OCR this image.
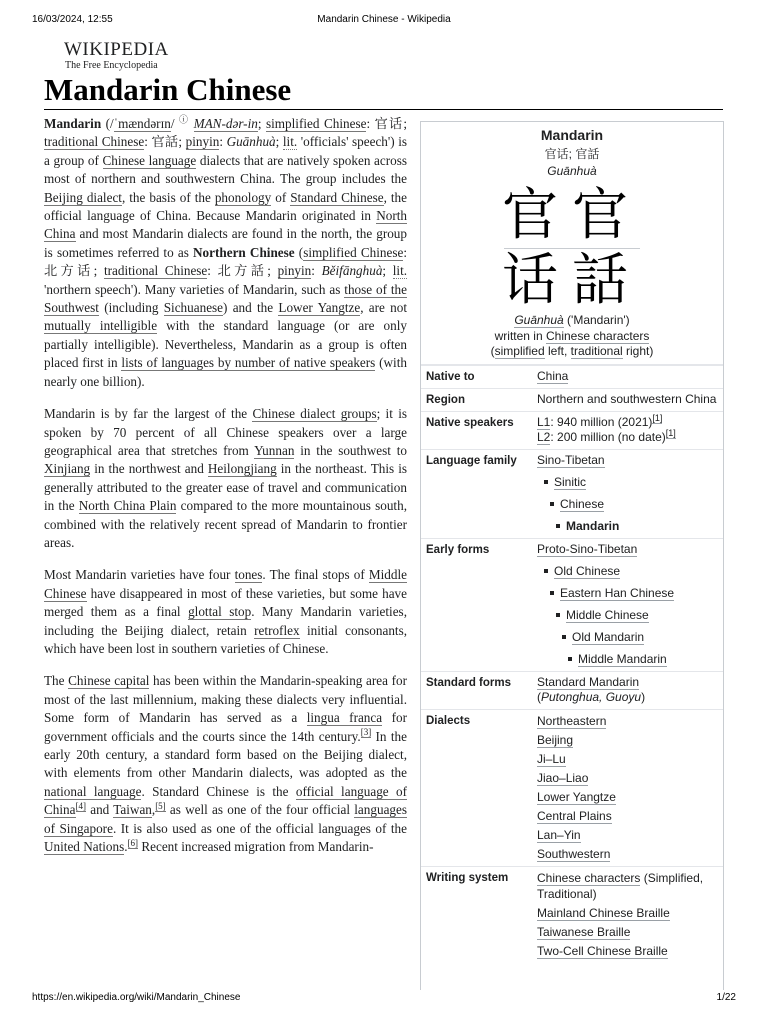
16/03/2024, 12:55	Mandarin Chinese - Wikipedia
WIKIPEDIA
The Free Encyclopedia
Mandarin Chinese

Mandarin (/ˈmændərɪn/ ⓘ MAN-dər-in; simplified Chinese: 官话; traditional Chinese: 官話; pinyin: Guānhuà; lit. 'officials' speech') is a group of Chinese language dialects that are natively spoken across most of northern and southwestern China. The group includes the Beijing dialect, the basis of the phonology of Standard Chinese, the official language of China. Because Mandarin originated in North China and most Mandarin dialects are found in the north, the group is sometimes referred to as Northern Chinese (simplified Chinese: 北方话; traditional Chinese: 北方話; pinyin: Běifānghuà; lit. 'northern speech'). Many varieties of Mandarin, such as those of the Southwest (including Sichuanese) and the Lower Yangtze, are not mutually intelligible with the standard language (or are only partially intelligible). Nevertheless, Mandarin as a group is often placed first in lists of languages by number of native speakers (with nearly one billion).

Mandarin is by far the largest of the Chinese dialect groups; it is spoken by 70 percent of all Chinese speakers over a large geographical area that stretches from Yunnan in the southwest to Xinjiang in the northwest and Heilongjiang in the northeast. This is generally attributed to the greater ease of travel and communication in the North China Plain compared to the more mountainous south, combined with the relatively recent spread of Mandarin to frontier areas.

Most Mandarin varieties have four tones. The final stops of Middle Chinese have disappeared in most of these varieties, but some have merged them as a final glottal stop. Many Mandarin varieties, including the Beijing dialect, retain retroflex initial consonants, which have been lost in southern varieties of Chinese.

The Chinese capital has been within the Mandarin-speaking area for most of the last millennium, making these dialects very influential. Some form of Mandarin has served as a lingua franca for government officials and the courts since the 14th century.[3] In the early 20th century, a standard form based on the Beijing dialect, with elements from other Mandarin dialects, was adopted as the national language. Standard Chinese is the official language of China[4] and Taiwan,[5] as well as one of the four official languages of Singapore. It is also used as one of the official languages of the United Nations.[6] Recent increased migration from Mandarin-

Mandarin
官话; 官話
Guānhuà
官官
话話
Guānhuà ('Mandarin')
written in Chinese characters
(simplified left, traditional right)
Native to	China
Region	Northern and southwestern China
Native speakers	L1: 940 million (2021)[1]
L2: 200 million (no date)[1]
Language family	Sino-Tibetan
Sinitic
Chinese
Mandarin
Early forms	Proto-Sino-Tibetan
Old Chinese
Eastern Han Chinese
Middle Chinese
Old Mandarin
Middle Mandarin
Standard forms	Standard Mandarin
(Putonghua, Guoyu)
Dialects	Northeastern
Beijing
Ji–Lu
Jiao–Liao
Lower Yangtze
Central Plains
Lan–Yin
Southwestern
Writing system	Chinese characters (Simplified,
Traditional)
Mainland Chinese Braille
Taiwanese Braille
Two-Cell Chinese Braille
https://en.wikipedia.org/wiki/Mandarin_Chinese	1/22
